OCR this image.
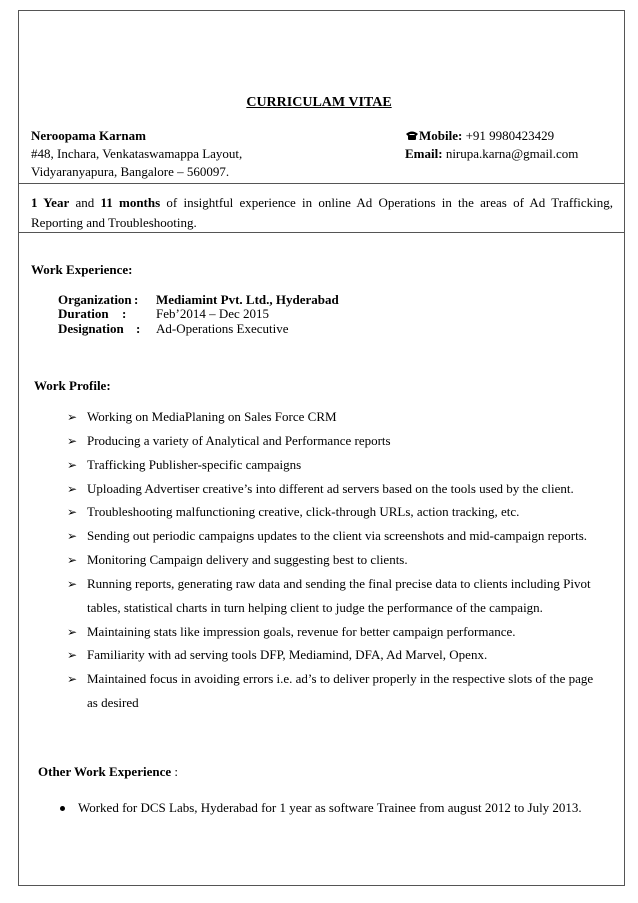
CURRICULAM VITAE
Neroopama Karnam
#48, Inchara, Venkataswamappa Layout,
Vidyaranyapura, Bangalore – 560097.
Mobile: +91 9980423429
Email: nirupa.karna@gmail.com
1 Year and 11 months of insightful experience in online Ad Operations in the areas of Ad Trafficking, Reporting and Troubleshooting.
Work Experience:
Organization : Mediamint Pvt. Ltd., Hyderabad
Duration : Feb’2014 – Dec 2015
Designation : Ad-Operations Executive
Work Profile:
➢ Working on MediaPlaning on Sales Force CRM
➢ Producing a variety of Analytical and Performance reports
➢ Trafficking Publisher-specific campaigns
➢ Uploading Advertiser creative’s into different ad servers based on the tools used by the client.
➢ Troubleshooting malfunctioning creative, click-through URLs, action tracking, etc.
➢ Sending out periodic campaigns updates to the client via screenshots and mid-campaign reports.
➢ Monitoring Campaign delivery and suggesting best to clients.
➢ Running reports, generating raw data and sending the final precise data to clients including Pivot
tables, statistical charts in turn helping client to judge the performance of the campaign.
➢ Maintaining stats like impression goals, revenue for better campaign performance.
➢ Familiarity with ad serving tools DFP, Mediamind, DFA, Ad Marvel, Openx.
➢ Maintained focus in avoiding errors i.e. ad’s to deliver properly in the respective slots of the page
as desired
Other Work Experience :
Worked for DCS Labs, Hyderabad for 1 year as software Trainee from august 2012 to July 2013.
